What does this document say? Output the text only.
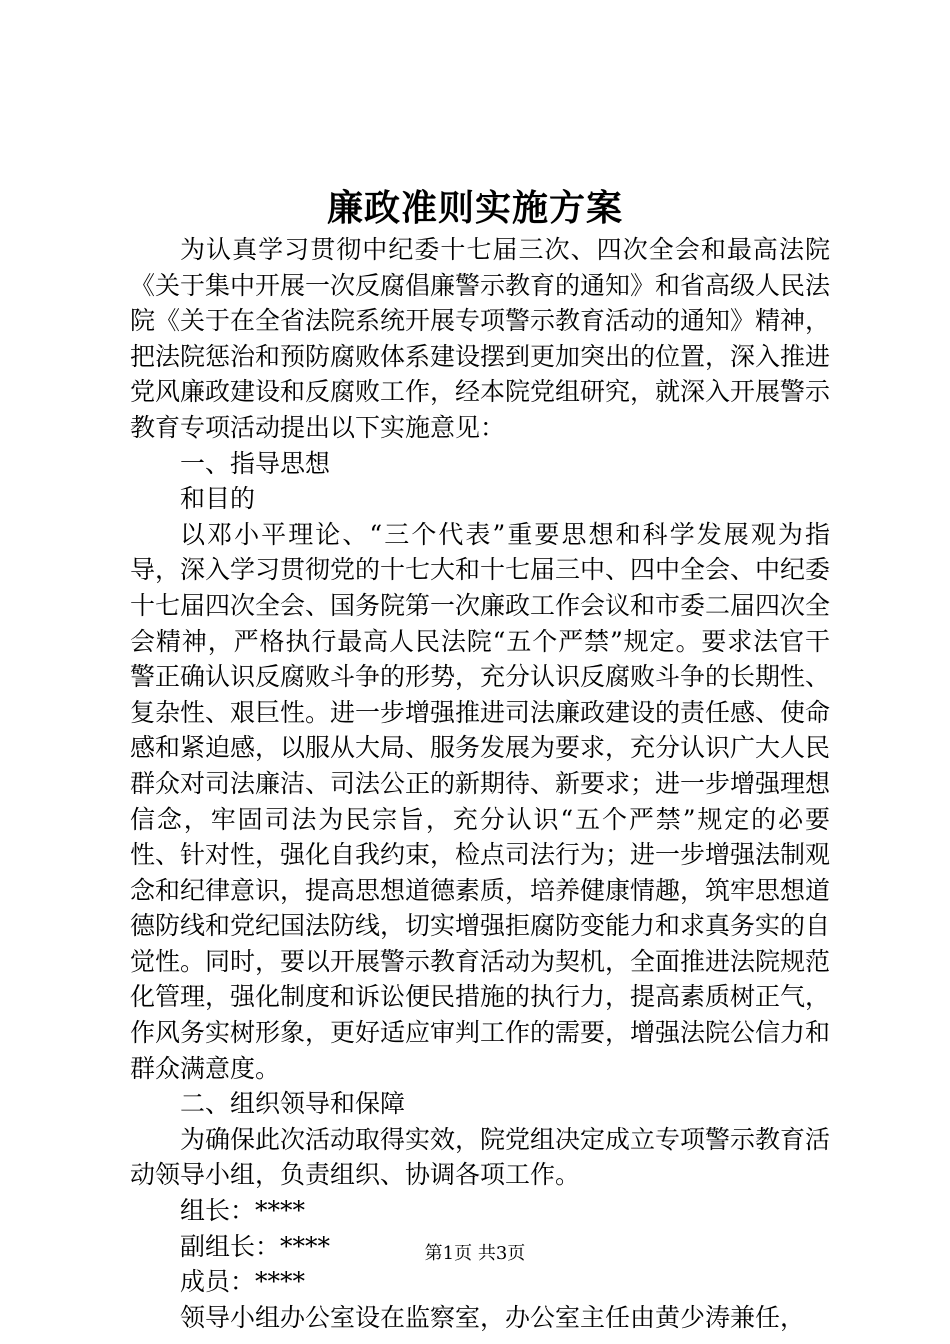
廉政准则实施方案

为认真学习贯彻中纪委十七届三次、四次全会和最高法院《关于集中开展一次反腐倡廉警示教育的通知》和省高级人民法院《关于在全省法院系统开展专项警示教育活动的通知》精神，把法院惩治和预防腐败体系建设摆到更加突出的位置，深入推进党风廉政建设和反腐败工作，经本院党组研究，就深入开展警示教育专项活动提出以下实施意见：

一、指导思想

和目的

以邓小平理论、“三个代表”重要思想和科学发展观为指导，深入学习贯彻党的十七大和十七届三中、四中全会、中纪委十七届四次全会、国务院第一次廉政工作会议和市委二届四次全会精神，严格执行最高人民法院“五个严禁”规定。要求法官干警正确认识反腐败斗争的形势，充分认识反腐败斗争的长期性、复杂性、艰巨性。进一步增强推进司法廉政建设的责任感、使命感和紧迫感，以服从大局、服务发展为要求，充分认识广大人民群众对司法廉洁、司法公正的新期待、新要求；进一步增强理想信念，牢固司法为民宗旨，充分认识“五个严禁”规定的必要性、针对性，强化自我约束，检点司法行为；进一步增强法制观念和纪律意识，提高思想道德素质，培养健康情趣，筑牢思想道德防线和党纪国法防线，切实增强拒腐防变能力和求真务实的自觉性。同时，要以开展警示教育活动为契机，全面推进法院规范化管理，强化制度和诉讼便民措施的执行力，提高素质树正气，作风务实树形象，更好适应审判工作的需要，增强法院公信力和群众满意度。

二、组织领导和保障

为确保此次活动取得实效，院党组决定成立专项警示教育活动领导小组，负责组织、协调各项工作。

组长：****

副组长：****

成员：****

领导小组办公室设在监察室，办公室主任由黄少涛兼任，

第1页 共3页
